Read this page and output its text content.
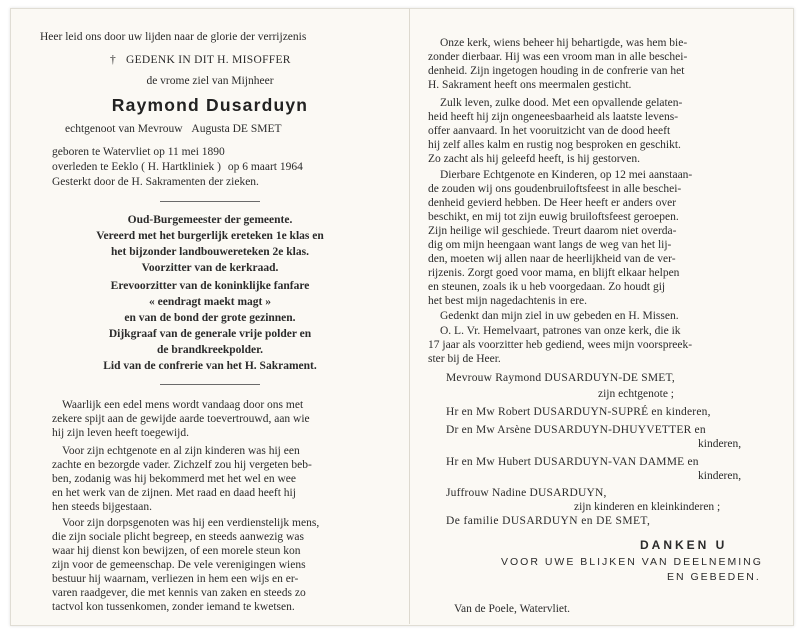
Heer leid ons door uw lijden naar de glorie der verrijzenis
† GEDENK IN DIT H. MISOFFER
de vrome ziel van Mijnheer
Raymond Dusarduyn
echtgenoot van Mevrouw Augusta DE SMET
geboren te Watervliet op 11 mei 1890
overleden te Eeklo ( H. Hartkliniek ) op 6 maart 1964
Gesterkt door de H. Sakramenten der zieken.
Oud-Burgemeester der gemeente.
Vereerd met het burgerlijk ereteken 1e klas en
het bijzonder landbouwereteken 2e klas.
Voorzitter van de kerkraad.
Erevoorzitter van de koninklijke fanfare
« eendragt maekt magt »
en van de bond der grote gezinnen.
Dijkgraaf van de generale vrije polder en
de brandkreekpolder.
Lid van de confrerie van het H. Sakrament.
Waarlijk een edel mens wordt vandaag door ons met
zekere spijt aan de gewijde aarde toevertrouwd, aan wie
hij zijn leven heeft toegewijd.
Voor zijn echtgenote en al zijn kinderen was hij een
zachte en bezorgde vader. Zichzelf zou hij vergeten beb-
ben, zodanig was hij bekommerd met het wel en wee
en het werk van de zijnen. Met raad en daad heeft hij
hen steeds bijgestaan.
Voor zijn dorpsgenoten was hij een verdienstelijk mens,
die zijn sociale plicht begreep, en steeds aanwezig was
waar hij dienst kon bewijzen, of een morele steun kon
zijn voor de gemeenschap. De vele verenigingen wiens
bestuur hij waarnam, verliezen in hem een wijs en er-
varen raadgever, die met kennis van zaken en steeds zo
tactvol kon tussenkomen, zonder iemand te kwetsen.
Onze kerk, wiens beheer hij behartigde, was hem bie-
zonder dierbaar. Hij was een vroom man in alle beschei-
denheid. Zijn ingetogen houding in de confrerie van het
H. Sakrament heeft ons meermalen gesticht.
Zulk leven, zulke dood. Met een opvallende gelaten-
heid heeft hij zijn ongeneesbaarheid als laatste levens-
offer aanvaard. In het vooruitzicht van de dood heeft
hij zelf alles kalm en rustig nog besproken en geschikt.
Zo zacht als hij geleefd heeft, is hij gestorven.
Dierbare Echtgenote en Kinderen, op 12 mei aanstaan-
de zouden wij ons goudenbruiloftsfeest in alle beschei-
denheid gevierd hebben. De Heer heeft er anders over
beschikt, en mij tot zijn euwig bruiloftsfeest geroepen.
Zijn heilige wil geschiede. Treurt daarom niet overda-
dig om mijn heengaan want langs de weg van het lij-
den, moeten wij allen naar de heerlijkheid van de ver-
rijzenis. Zorgt goed voor mama, en blijft elkaar helpen
en steunen, zoals ik u heb voorgedaan. Zo houdt gij
het best mijn nagedachtenis in ere.
Gedenkt dan mijn ziel in uw gebeden en H. Missen.
O. L. Vr. Hemelvaart, patrones van onze kerk, die ik
17 jaar als voorzitter heb gediend, wees mijn voorspreek-
ster bij de Heer.
Mevrouw Raymond DUSARDUYN-DE SMET,
zijn echtgenote ;
Hr en Mw Robert DUSARDUYN-SUPRÉ en kinderen,
Dr en Mw Arsène DUSARDUYN-DHUYVETTER en
kinderen,
Hr en Mw Hubert DUSARDUYN-VAN DAMME en
kinderen,
Juffrouw Nadine DUSARDUYN,
zijn kinderen en kleinkinderen ;
De familie DUSARDUYN en DE SMET,
DANKEN U
VOOR UWE BLIJKEN VAN DEELNEMING
EN GEBEDEN.
Van de Poele, Watervliet.
